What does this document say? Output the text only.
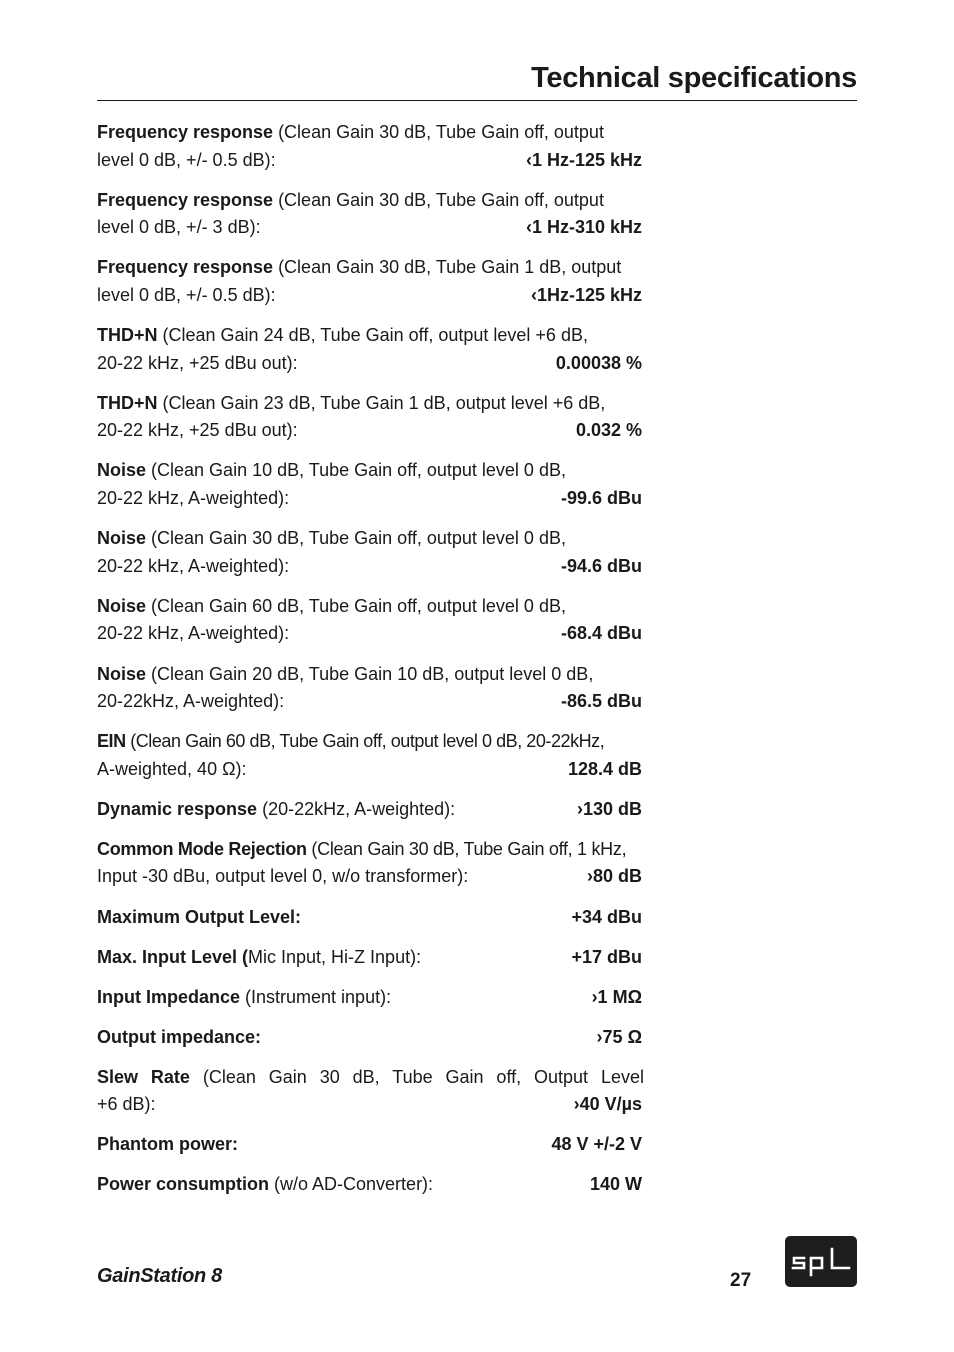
Technical specifications
Frequency response (Clean Gain 30 dB, Tube Gain off, output
level 0 dB, +/- 0.5 dB):	‹1 Hz-125 kHz
Frequency response (Clean Gain 30 dB, Tube Gain off, output
level 0 dB, +/- 3 dB):	‹1 Hz-310 kHz
Frequency response (Clean Gain 30 dB, Tube Gain 1 dB, output
level 0 dB, +/- 0.5 dB):	‹1Hz-125 kHz
THD+N (Clean Gain 24 dB, Tube Gain off, output level +6 dB,
20-22 kHz, +25 dBu out):	0.00038 %
THD+N (Clean Gain 23 dB, Tube Gain 1 dB, output level +6 dB,
20-22 kHz, +25 dBu out):	0.032 %
Noise (Clean Gain 10 dB, Tube Gain off, output level 0 dB,
20-22 kHz, A-weighted):	-99.6 dBu
Noise (Clean Gain 30 dB, Tube Gain off, output level 0 dB,
20-22 kHz, A-weighted):	-94.6 dBu
Noise (Clean Gain 60 dB, Tube Gain off, output level 0 dB,
20-22 kHz, A-weighted):	-68.4 dBu
Noise (Clean Gain 20 dB, Tube Gain 10 dB, output level 0 dB,
20-22kHz, A-weighted):	-86.5 dBu
EIN (Clean Gain 60 dB, Tube Gain off, output level 0 dB, 20-22kHz,
A-weighted, 40 Ω):	128.4 dB
Dynamic response (20-22kHz, A-weighted):	›130 dB
Common Mode Rejection (Clean Gain 30 dB, Tube Gain off, 1 kHz,
Input -30 dBu, output level 0, w/o transformer):	›80 dB
Maximum Output Level:	+34 dBu
Max. Input Level (Mic Input, Hi-Z Input):	+17 dBu
Input Impedance (Instrument input):	›1 MΩ
Output impedance:	›75 Ω
Slew Rate (Clean Gain 30 dB, Tube Gain off, Output Level
+6 dB):	›40 V/µs
Phantom power:	48 V +/-2 V
Power consumption (w/o AD-Converter):	140 W
GainStation 8	27
